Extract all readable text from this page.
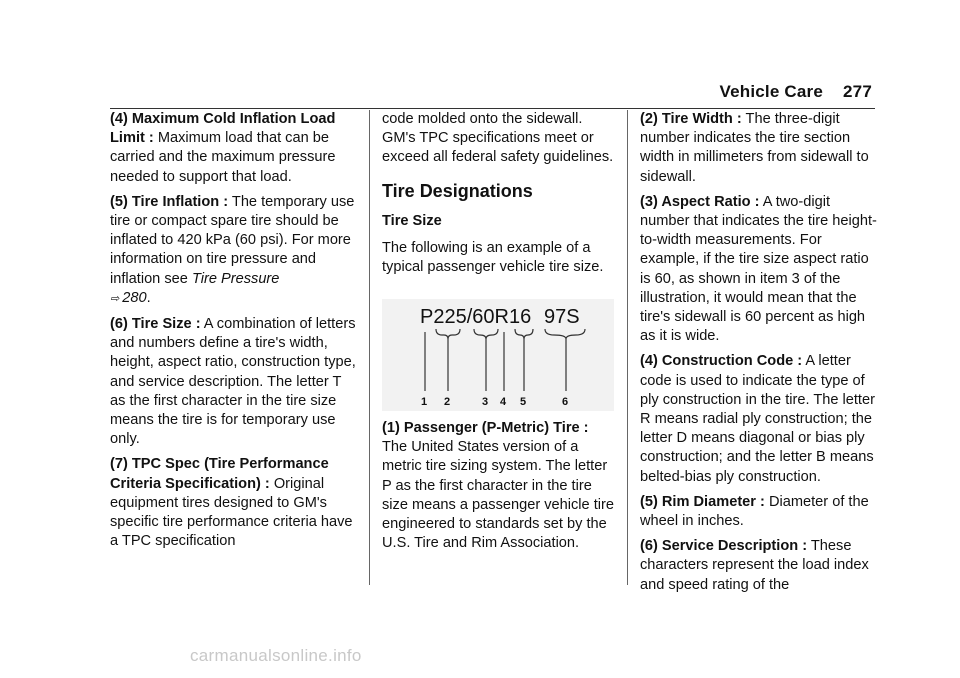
Vehicle Care 277

(4) Maximum Cold Inflation Load Limit : Maximum load that can be carried and the maximum pressure needed to support that load.

(5) Tire Inflation : The temporary use tire or compact spare tire should be inflated to 420 kPa (60 psi). For more information on tire pressure and inflation see Tire Pressure
⇨ 280.

(6) Tire Size : A combination of letters and numbers define a tire's width, height, aspect ratio, construction type, and service description. The letter T as the first character in the tire size means the tire is for temporary use only.

(7) TPC Spec (Tire Performance Criteria Specification) : Original equipment tires designed to GM's specific tire performance criteria have a TPC specification

code molded onto the sidewall. GM's TPC specifications meet or exceed all federal safety guidelines.

Tire Designations
Tire Size

The following is an example of a typical passenger vehicle tire size.

P225/60R16 97S
1 2	3 4 5	6

(1) Passenger (P-Metric) Tire : The United States version of a metric tire sizing system. The letter P as the first character in the tire size means a passenger vehicle tire engineered to standards set by the U.S. Tire and Rim Association.

(2) Tire Width : The three-digit number indicates the tire section width in millimeters from sidewall to sidewall.

(3) Aspect Ratio : A two-digit number that indicates the tire height-to-width measurements. For example, if the tire size aspect ratio is 60, as shown in item 3 of the illustration, it would mean that the tire's sidewall is 60 percent as high as it is wide.

(4) Construction Code : A letter code is used to indicate the type of ply construction in the tire. The letter R means radial ply construction; the letter D means diagonal or bias ply construction; and the letter B means belted-bias ply construction.

(5) Rim Diameter : Diameter of the wheel in inches.

(6) Service Description : These characters represent the load index and speed rating of the

carmanualsonline.info
